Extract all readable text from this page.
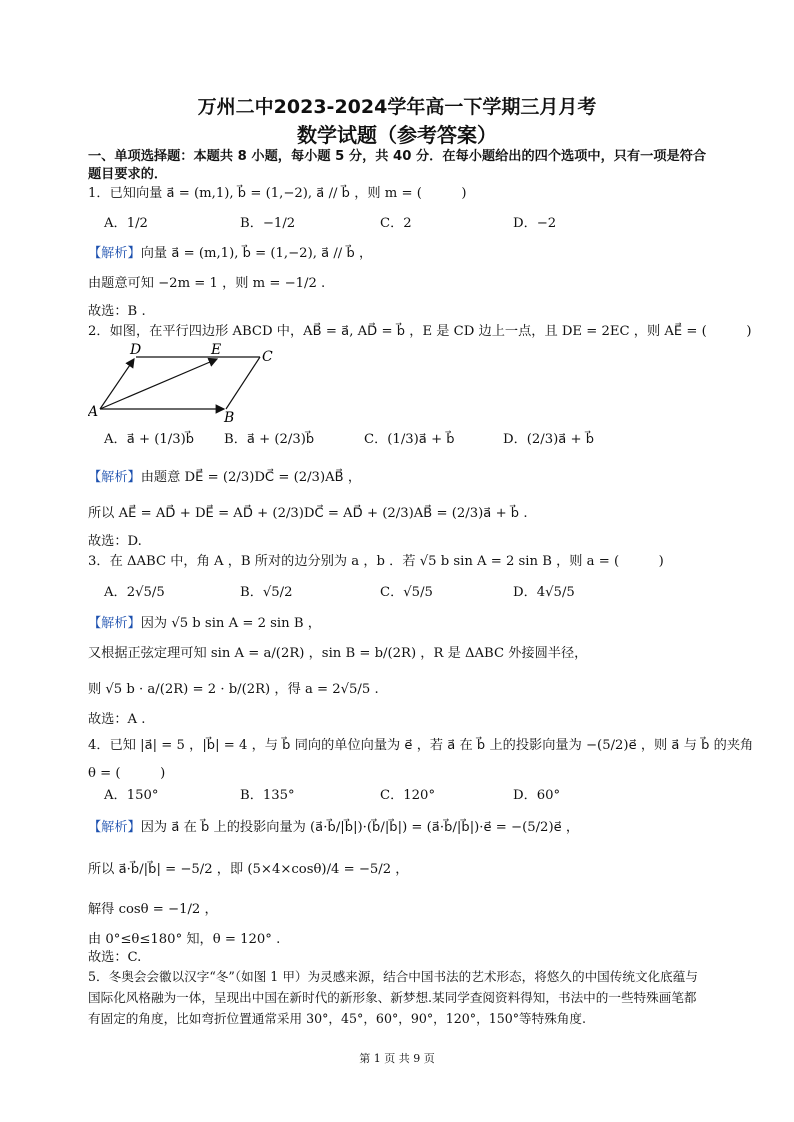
万州二中2023-2024学年高一下学期三月月考
数学试题（参考答案）
一、单项选择题：本题共 8 小题，每小题 5 分，共 40 分．在每小题给出的四个选项中，只有一项是符合题目要求的．
1．已知向量 a⃗ = (m,1), b⃗ = (1,−2), a⃗ // b⃗ ，则 m = (　　　)
A．1/2	B．−1/2	C．2	D．−2
【解析】向量 a⃗ = (m,1), b⃗ = (1,−2), a⃗ // b⃗ ，
由题意可知 −2m = 1 ，则 m = −1/2 .
故选：B .
2．如图，在平行四边形 ABCD 中，AB⃗ = a⃗, AD⃗ = b⃗ ，E 是 CD 边上一点，且 DE = 2EC ，则 AE⃗ = (　　　)
D	E	C
A	B
A．a⃗ + (1/3)b⃗ B．a⃗ + (2/3)b⃗	C．(1/3)a⃗ + b⃗	D．(2/3)a⃗ + b⃗
【解析】由题意 DE⃗ = (2/3)DC⃗ = (2/3)AB⃗ ，
所以 AE⃗ = AD⃗ + DE⃗ = AD⃗ + (2/3)DC⃗ = AD⃗ + (2/3)AB⃗ = (2/3)a⃗ + b⃗ .
故选：D.
3．在 ΔABC 中，角 A ，B 所对的边分别为 a ，b ．若 √5 b sin A = 2 sin B ，则 a = (　　　)
A．2√5/5	B．√5/2	C．√5/5	D．4√5/5
【解析】因为 √5 b sin A = 2 sin B ，
又根据正弦定理可知 sin A = a/(2R) ，sin B = b/(2R) ，R 是 ΔABC 外接圆半径，
则 √5 b · a/(2R) = 2 · b/(2R) ，得 a = 2√5/5 .
故选：A .
4．已知 |a⃗| = 5 ，|b⃗| = 4 ，与 b⃗ 同向的单位向量为 e⃗ ，若 a⃗ 在 b⃗ 上的投影向量为 −(5/2)e⃗ ，则 a⃗ 与 b⃗ 的夹角
θ = (　　　)
A．150°	B．135°	C．120°	D．60°
【解析】因为 a⃗ 在 b⃗ 上的投影向量为 (a⃗·b⃗/|b⃗|)·(b⃗/|b⃗|) = (a⃗·b⃗/|b⃗|)·e⃗ = −(5/2)e⃗ ，
所以 a⃗·b⃗/|b⃗| = −5/2 ，即 (5×4×cosθ)/4 = −5/2 ，
解得 cosθ = −1/2 ，
由 0°≤θ≤180° 知，θ = 120° .
故选：C.
5．冬奥会会徽以汉字“冬”（如图 1 甲）为灵感来源，结合中国书法的艺术形态，将悠久的中国传统文化底蕴与国际化风格融为一体，呈现出中国在新时代的新形象、新梦想.某同学查阅资料得知，书法中的一些特殊画笔都有固定的角度，比如弯折位置通常采用 30°，45°，60°，90°，120°，150°等特殊角度.
第 1 页 共 9 页
